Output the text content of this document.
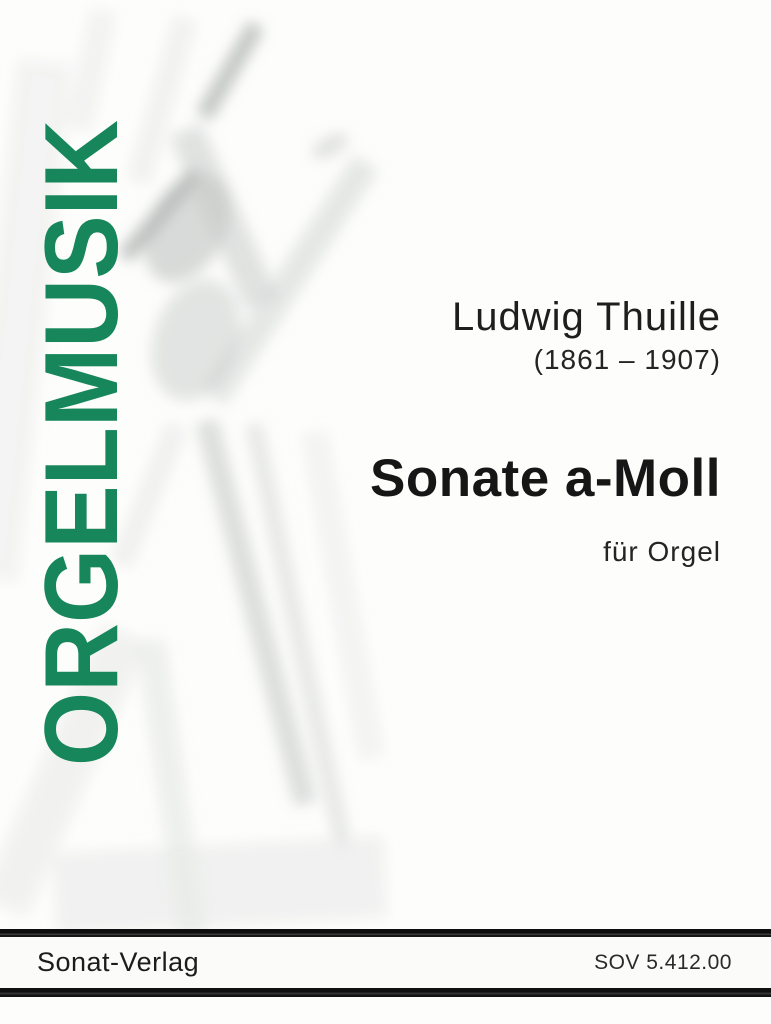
ORGELMUSIK	Ludwig Thuille
(1861 – 1907)
Sonate a-Moll
für Orgel
Sonat-Verlag	SOV 5.412.00
